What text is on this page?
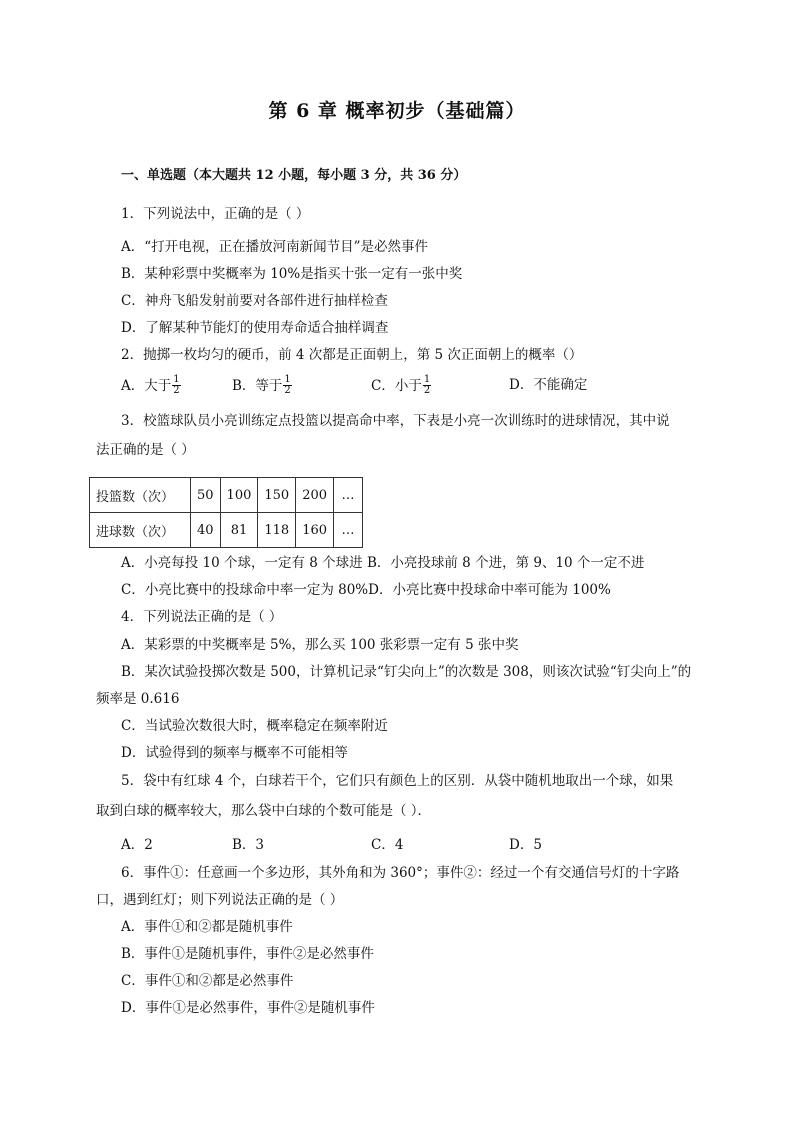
第 6 章 概率初步（基础篇）
一、单选题（本大题共 12 小题，每小题 3 分，共 36 分）
1．下列说法中，正确的是（ ）
A．“打开电视，正在播放河南新闻节目”是必然事件
B．某种彩票中奖概率为 10%是指买十张一定有一张中奖
C．神舟飞船发射前要对各部件进行抽样检查
D．了解某种节能灯的使用寿命适合抽样调查
2．抛掷一枚均匀的硬币，前 4 次都是正面朝上，第 5 次正面朝上的概率（）
A．大于 $\frac{1}{2}$	B．等于 $\frac{1}{2}$	C．小于 $\frac{1}{2}$	D．不能确定
3．校篮球队员小亮训练定点投篮以提高命中率，下表是小亮一次训练时的进球情况，其中说
法正确的是（ ）
投篮数（次）	50	100	150	200	…
进球数（次）	40	81	118	160	…
A．小亮每投 10 个球，一定有 8 个球进 B．小亮投球前 8 个进，第 9、10 个一定不进
C．小亮比赛中的投球命中率一定为 80%D．小亮比赛中投球命中率可能为 100%
4．下列说法正确的是（ ）
A．某彩票的中奖概率是 5%，那么买 100 张彩票一定有 5 张中奖
B．某次试验投掷次数是 500，计算机记录“钉尖向上”的次数是 308，则该次试验“钉尖向上”的
频率是 0.616
C．当试验次数很大时，概率稳定在频率附近
D．试验得到的频率与概率不可能相等
5．袋中有红球 4 个，白球若干个，它们只有颜色上的区别．从袋中随机地取出一个球，如果
取到白球的概率较大，那么袋中白球的个数可能是（ ）．
A．2	B．3	C．4	D．5
6．事件①：任意画一个多边形，其外角和为 360°；事件②：经过一个有交通信号灯的十字路
口，遇到红灯；则下列说法正确的是（ ）
A．事件①和②都是随机事件
B．事件①是随机事件，事件②是必然事件
C．事件①和②都是必然事件
D．事件①是必然事件，事件②是随机事件
